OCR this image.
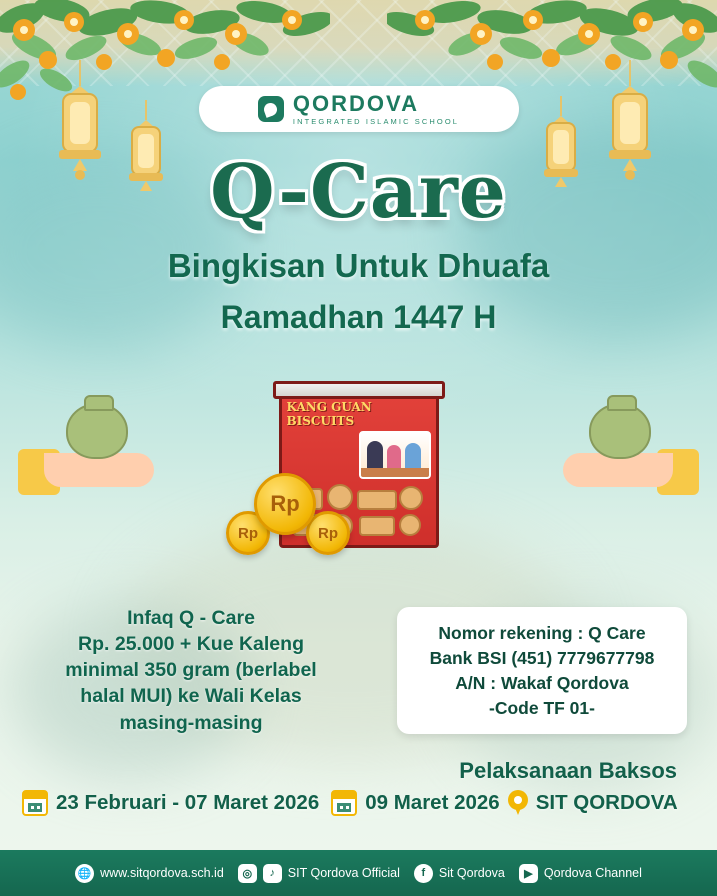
QORDOVA
INTEGRATED ISLAMIC SCHOOL
Q-Care
Bingkisan Untuk Dhuafa
Ramadhan 1447 H
KANG GUAN
BISCUITS
Rp	Rp
Rp
Infaq Q - Care
Rp. 25.000 + Kue Kaleng
minimal 350 gram (berlabel
halal MUI) ke Wali Kelas
masing-masing
Nomor rekening : Q Care
Bank BSI (451) 7779677798
A/N : Wakaf Qordova
-Code TF 01-
Pelaksanaan Baksos
23 Februari - 07 Maret 2026 09 Maret 2026 SIT QORDOVA
🌐 www.sitqordova.sch.id	◎	♪	SIT Qordova Official	f	Sit Qordova	▶ Qordova Channel
